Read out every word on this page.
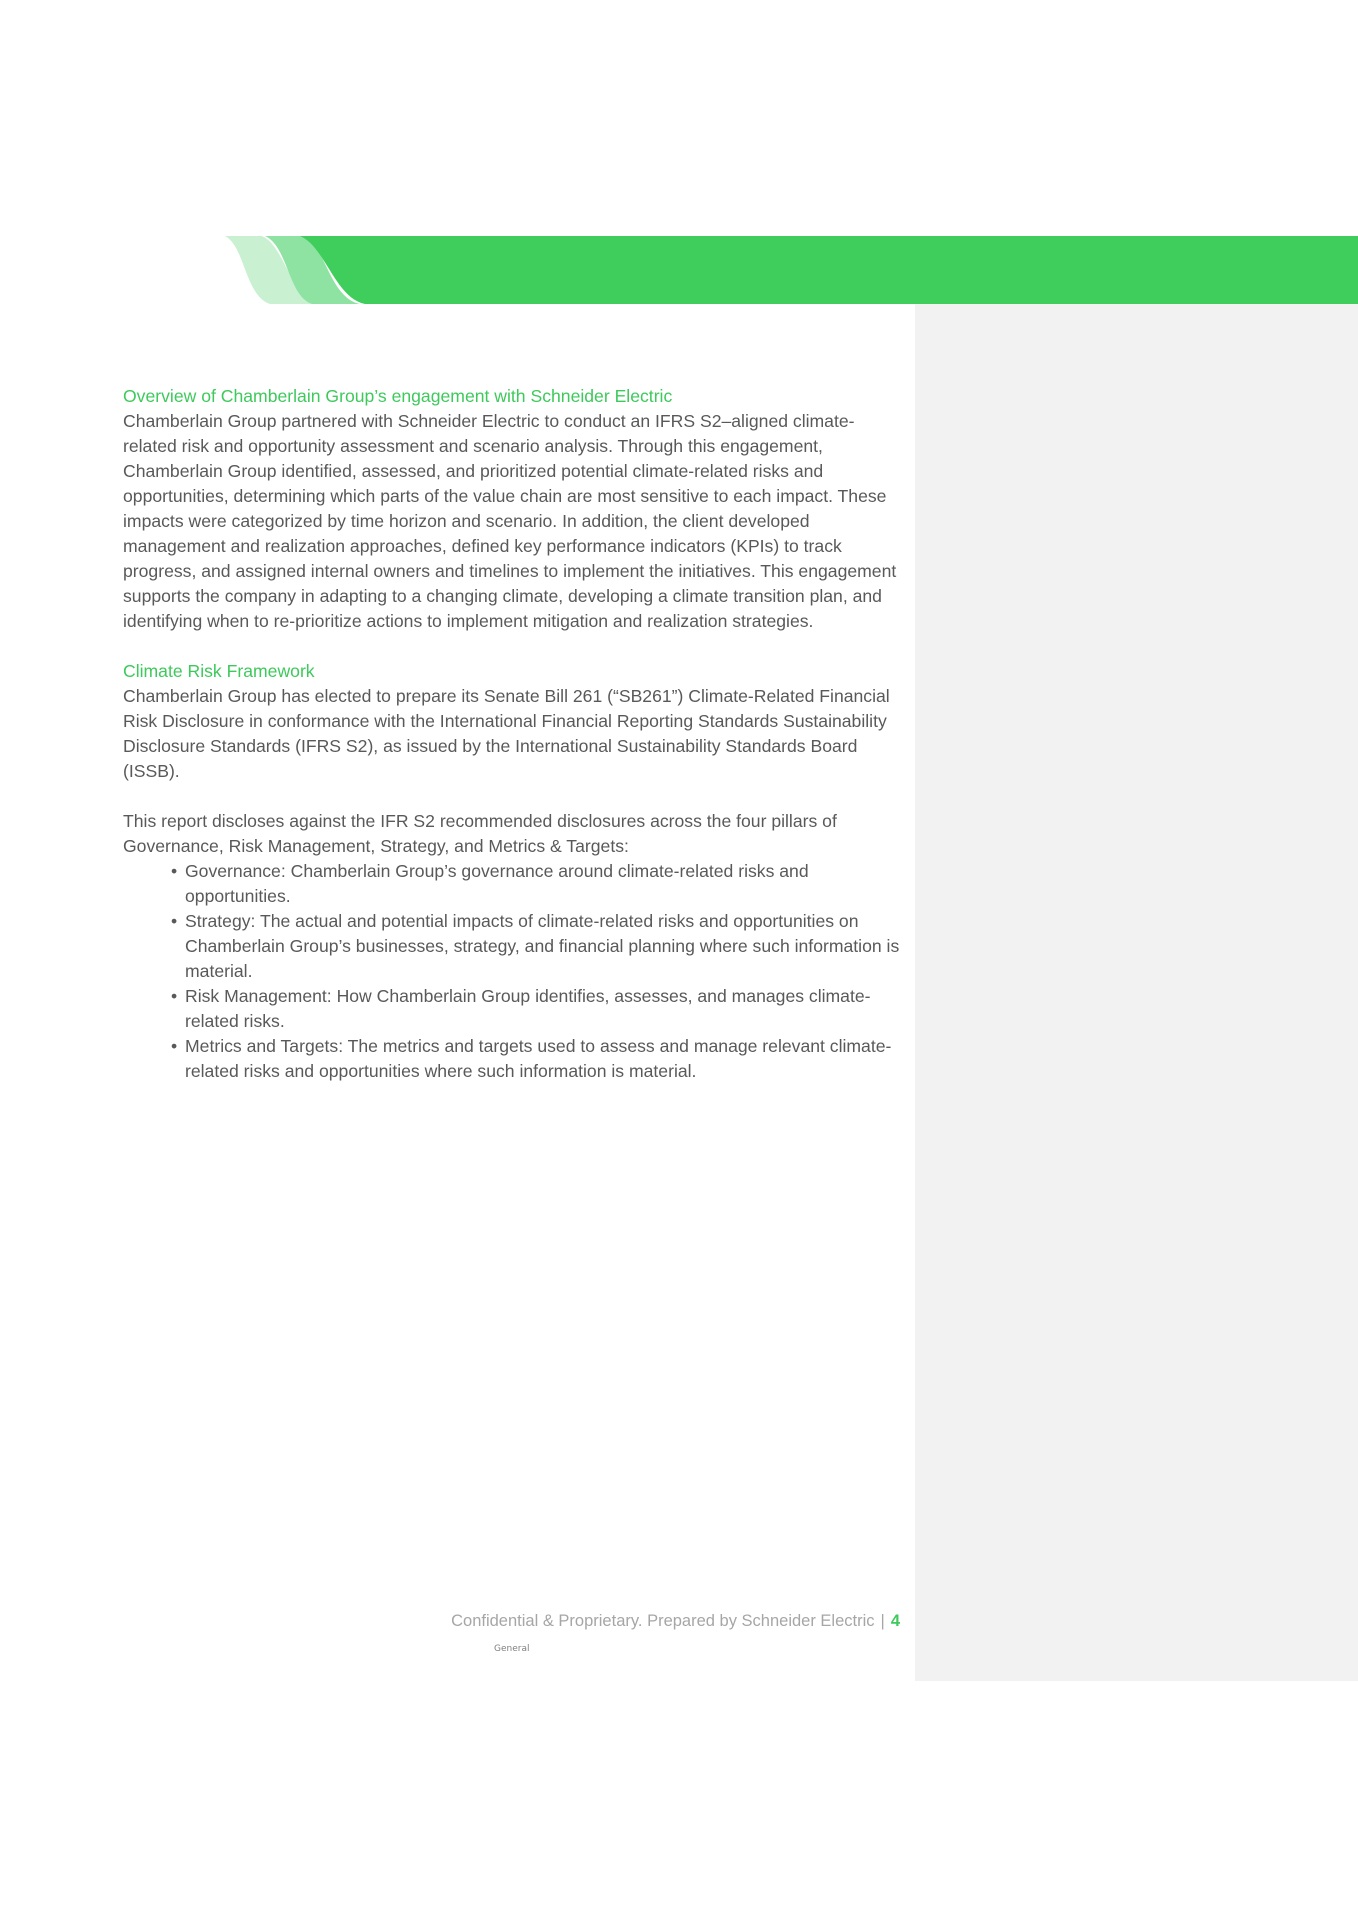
Overview of Chamberlain Group’s engagement with Schneider Electric

Chamberlain Group partnered with Schneider Electric to conduct an IFRS S2–aligned climate-related risk and opportunity assessment and scenario analysis. Through this engagement, Chamberlain Group identified, assessed, and prioritized potential climate-related risks and opportunities, determining which parts of the value chain are most sensitive to each impact. These impacts were categorized by time horizon and scenario. In addition, the client developed management and realization approaches, defined key performance indicators (KPIs) to track progress, and assigned internal owners and timelines to implement the initiatives. This engagement supports the company in adapting to a changing climate, developing a climate transition plan, and identifying when to re-prioritize actions to implement mitigation and realization strategies.

Climate Risk Framework

Chamberlain Group has elected to prepare its Senate Bill 261 (“SB261”) Climate-Related Financial Risk Disclosure in conformance with the International Financial Reporting Standards Sustainability Disclosure Standards (IFRS S2), as issued by the International Sustainability Standards Board (ISSB).

This report discloses against the IFR S2 recommended disclosures across the four pillars of Governance, Risk Management, Strategy, and Metrics & Targets:

• Governance: Chamberlain Group’s governance around climate-related risks and opportunities.
• Strategy: The actual and potential impacts of climate-related risks and opportunities on Chamberlain Group’s businesses, strategy, and financial planning where such information is material.
• Risk Management: How Chamberlain Group identifies, assesses, and manages climate-related risks.
• Metrics and Targets: The metrics and targets used to assess and manage relevant climate-related risks and opportunities where such information is material.
Confidential & Proprietary. Prepared by Schneider Electric | 4
General
